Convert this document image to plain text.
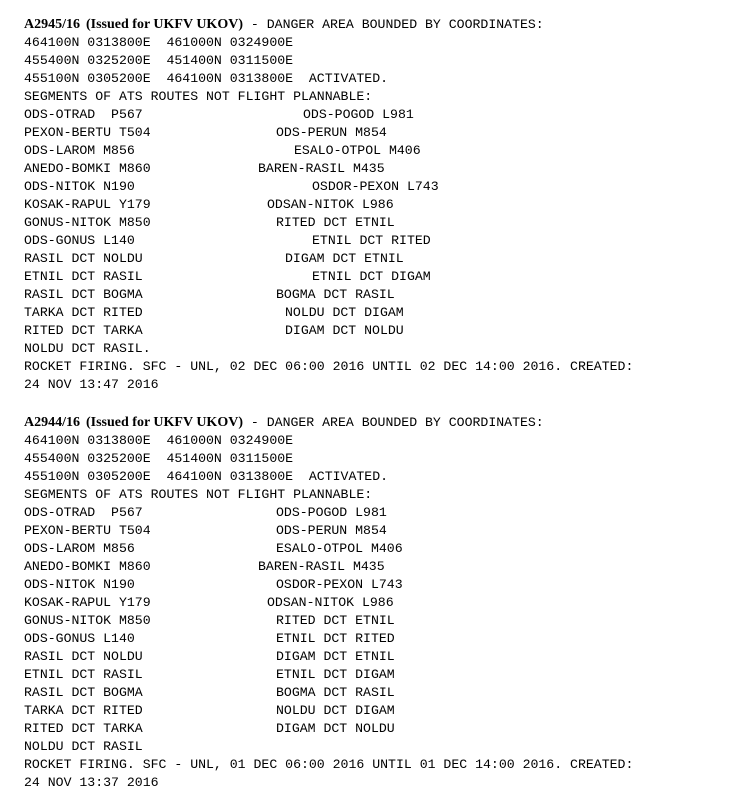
A2945/16 (Issued for UKFV UKOV) - DANGER AREA BOUNDED BY COORDINATES:
464100N 0313800E  461000N 0324900E
455400N 0325200E  451400N 0311500E
455100N 0305200E  464100N 0313800E  ACTIVATED.
SEGMENTS OF ATS ROUTES NOT FLIGHT PLANNABLE:
ODS-OTRAD  P567	ODS-POGOD L981
PEXON-BERTU T504	ODS-PERUN M854
ODS-LAROM M856	ESALO-OTPOL M406
ANEDO-BOMKI M860	BAREN-RASIL M435
ODS-NITOK N190	OSDOR-PEXON L743
KOSAK-RAPUL Y179	ODSAN-NITOK L986
GONUS-NITOK M850	RITED DCT ETNIL
ODS-GONUS L140	ETNIL DCT RITED
RASIL DCT NOLDU	DIGAM DCT ETNIL
ETNIL DCT RASIL	ETNIL DCT DIGAM
RASIL DCT BOGMA	BOGMA DCT RASIL
TARKA DCT RITED	NOLDU DCT DIGAM
RITED DCT TARKA	DIGAM DCT NOLDU
NOLDU DCT RASIL.
ROCKET FIRING. SFC - UNL, 02 DEC 06:00 2016 UNTIL 02 DEC 14:00 2016. CREATED:
24 NOV 13:47 2016
A2944/16 (Issued for UKFV UKOV) - DANGER AREA BOUNDED BY COORDINATES:
464100N 0313800E  461000N 0324900E
455400N 0325200E  451400N 0311500E
455100N 0305200E  464100N 0313800E  ACTIVATED.
SEGMENTS OF ATS ROUTES NOT FLIGHT PLANNABLE:
ODS-OTRAD  P567	ODS-POGOD L981
PEXON-BERTU T504	ODS-PERUN M854
ODS-LAROM M856	ESALO-OTPOL M406
ANEDO-BOMKI M860	BAREN-RASIL M435
ODS-NITOK N190	OSDOR-PEXON L743
KOSAK-RAPUL Y179	ODSAN-NITOK L986
GONUS-NITOK M850	RITED DCT ETNIL
ODS-GONUS L140	ETNIL DCT RITED
RASIL DCT NOLDU	DIGAM DCT ETNIL
ETNIL DCT RASIL	ETNIL DCT DIGAM
RASIL DCT BOGMA	BOGMA DCT RASIL
TARKA DCT RITED	NOLDU DCT DIGAM
RITED DCT TARKA	DIGAM DCT NOLDU
NOLDU DCT RASIL
ROCKET FIRING. SFC - UNL, 01 DEC 06:00 2016 UNTIL 01 DEC 14:00 2016. CREATED:
24 NOV 13:37 2016
